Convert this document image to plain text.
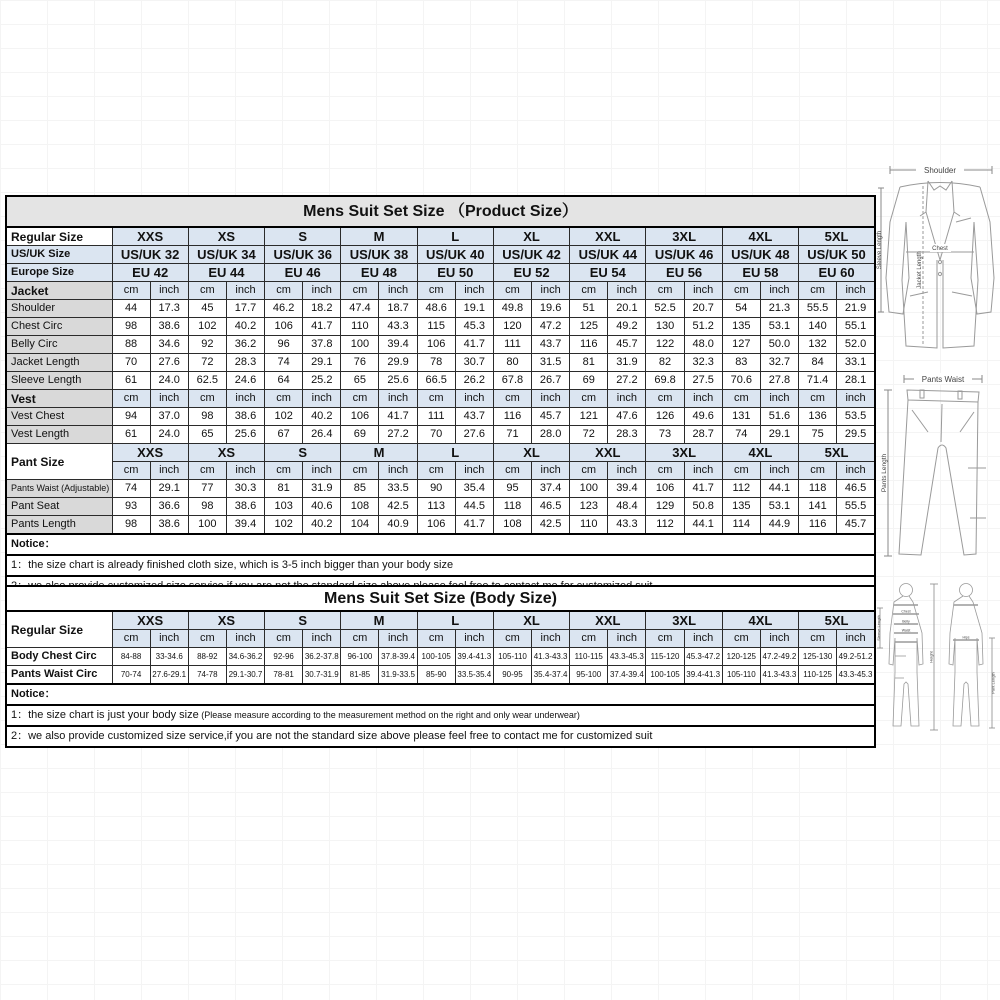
Mens Suit Set Size （Product Size）																				
Regular Size	XXS		XS		S		M		L		XL		XXL		3XL		4XL		5XL	
US/UK Size	US/UK 32		US/UK 34		US/UK 36		US/UK 38		US/UK 40		US/UK 42		US/UK 44		US/UK 46		US/UK 48		US/UK 50	
Europe Size	EU 42		EU 44		EU 46		EU 48		EU 50		EU 52		EU 54		EU 56		EU 58		EU 60	
Jacket	cm	inch	cm	inch	cm	inch	cm	inch	cm	inch	cm	inch	cm	inch	cm	inch	cm	inch	cm	inch
Shoulder	44	17.3	45	17.7	46.2	18.2	47.4	18.7	48.6	19.1	49.8	19.6	51	20.1	52.5	20.7	54	21.3	55.5	21.9
Chest Circ	98	38.6	102	40.2	106	41.7	110	43.3	115	45.3	120	47.2	125	49.2	130	51.2	135	53.1	140	55.1
Belly Circ	88	34.6	92	36.2	96	37.8	100	39.4	106	41.7	111	43.7	116	45.7	122	48.0	127	50.0	132	52.0
Jacket Length	70	27.6	72	28.3	74	29.1	76	29.9	78	30.7	80	31.5	81	31.9	82	32.3	83	32.7	84	33.1
Sleeve Length	61	24.0	62.5	24.6	64	25.2	65	25.6	66.5	26.2	67.8	26.7	69	27.2	69.8	27.5	70.6	27.8	71.4	28.1
Vest	cm	inch	cm	inch	cm	inch	cm	inch	cm	inch	cm	inch	cm	inch	cm	inch	cm	inch	cm	inch
Vest Chest	94	37.0	98	38.6	102	40.2	106	41.7	111	43.7	116	45.7	121	47.6	126	49.6	131	51.6	136	53.5
Vest Length	61	24.0	65	25.6	67	26.4	69	27.2	70	27.6	71	28.0	72	28.3	73	28.7	74	29.1	75	29.5
Pant Size	XXS		XS		S		M		L		XL		XXL		3XL		4XL		5XL	
	cm	inch	cm	inch	cm	inch	cm	inch	cm	inch	cm	inch	cm	inch	cm	inch	cm	inch	cm	inch
Pants Waist (Adjustable)	74	29.1	77	30.3	81	31.9	85	33.5	90	35.4	95	37.4	100	39.4	106	41.7	112	44.1	118	46.5
Pant Seat	93	36.6	98	38.6	103	40.6	108	42.5	113	44.5	118	46.5	123	48.4	129	50.8	135	53.1	141	55.5
Pants Length	98	38.6	100	39.4	102	40.2	104	40.9	106	41.7	108	42.5	110	43.3	112	44.1	114	44.9	116	45.7
Notice：																				
1：the size chart is already finished cloth size, which is 3-5 inch bigger than your body size																				

Mens Suit Set Size (Body Size)																				
Regular Size	XXS		XS		S		M		L		XL		XXL		3XL		4XL		5XL	
	cm	inch	cm	inch	cm	inch	cm	inch	cm	inch	cm	inch	cm	inch	cm	inch	cm	inch	cm	inch
Body Chest Circ	84-88	33-34.6	88-92	34.6-36.2	92-96	36.2-37.8	96-100	37.8-39.4	100-105	39.4-41.3	105-110	41.3-43.3	110-115	43.3-45.3	115-120	45.3-47.2	120-125	47.2-49.2	125-130	49.2-51.2
Pants Waist Circ	70-74	27.6-29.1	74-78	29.1-30.7	78-81	30.7-31.9	81-85	31.9-33.5	85-90	33.5-35.4	90-95	35.4-37.4	95-100	37.4-39.4	100-105	39.4-41.3	105-110	41.3-43.3	110-125	43.3-45.3
Notice：																				
1：the size chart is just your body size (Please measure according to the measurement method on the right and only wear underwear)																				
2：we also provide customized size service,if you are not the standard size above please feel free to contact me for customized suit																				
Shoulder
Chest
Sleeve Length
Jacket Length
Pants Waist
Pants Length
Chest
Belly
Waist
Hips
Sleeve Length
Height
Pant Length
